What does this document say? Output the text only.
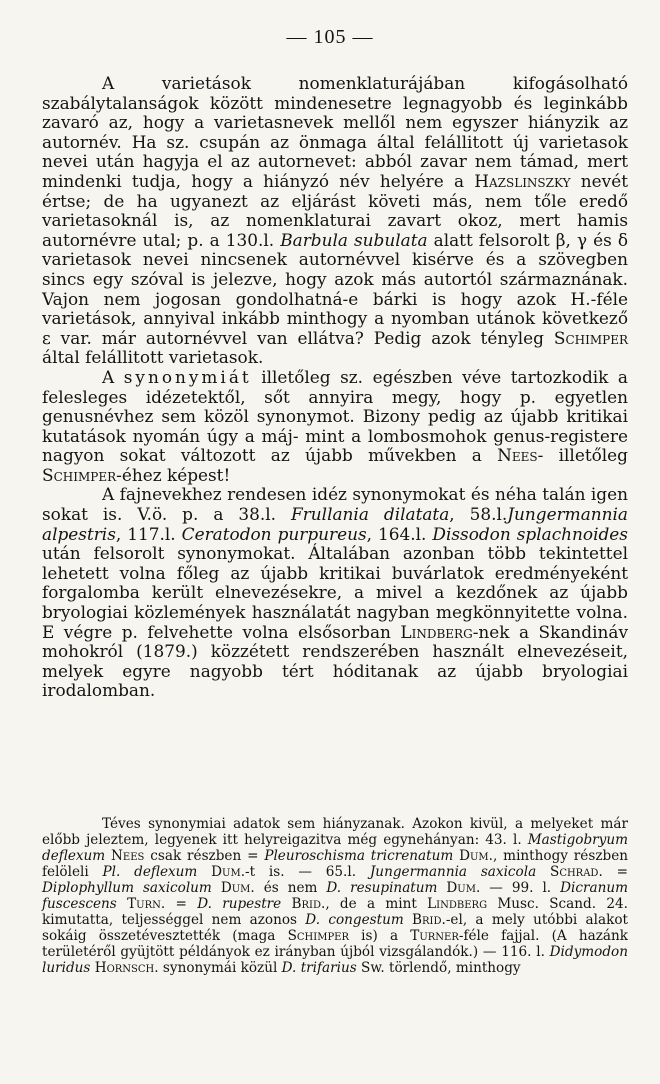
— 105 —

A varietások nomenklaturájában kifogásolható szabálytalanságok között mindenesetre legnagyobb és leginkább zavaró az, hogy a varietasnevek mellől nem egyszer hiányzik az autornév. Ha sz. csupán az önmaga által felállitott új varietasok nevei után hagyja el az autornevet: abból zavar nem támad, mert mindenki tudja, hogy a hiányzó név helyére a Hazslinszky nevét értse; de ha ugyanezt az eljárást követi más, nem tőle eredő varietasoknál is, az nomenklaturai zavart okoz, mert hamis autornévre utal; p. a 130.l. Barbula subulata alatt felsorolt β, γ és δ varietasok nevei nincsenek autornévvel kisérve és a szövegben sincs egy szóval is jelezve, hogy azok más autortól származnának. Vajon nem jogosan gondolhatná-e bárki is hogy azok H.-féle varietások, annyival inkább minthogy a nyomban utánok következő ε var. már autornévvel van ellátva? Pedig azok tényleg Schimper által felállitott varietasok.

A synonymiát illetőleg sz. egészben véve tartozkodik a felesleges idézetektől, sőt annyira megy, hogy p. egyetlen genusnévhez sem közöl synonymot. Bizony pedig az újabb kritikai kutatások nyomán úgy a máj- mint a lombosmohok genus-registere nagyon sokat változott az újabb művekben a Nees- illetőleg Schimper-éhez képest!

A fajnevekhez rendesen idéz synonymokat és néha talán igen sokat is. V.ö. p. a 38.l. Frullania dilatata, 58.l.Jungermannia alpestris, 117.l. Ceratodon purpureus, 164.l. Dissodon splachnoides után felsorolt synonymokat. Általában azonban több tekintettel lehetett volna főleg az újabb kritikai buvárlatok eredményeként forgalomba került elnevezésekre, a mivel a kezdőnek az újabb bryologiai közlemények használatát nagyban megkönnyitette volna. E végre p. felvehette volna elsősorban Lindberg-nek a Skandináv mohokról (1879.) közzétett rendszerében használt elnevezéseit, melyek egyre nagyobb tért hóditanak az újabb bryologiai irodalomban.

Téves synonymiai adatok sem hiányzanak. Azokon kivül, a melyeket már előbb jeleztem, legyenek itt helyreigazitva még egynehányan: 43. l. Mastigobryum deflexum Nees csak részben = Pleuroschisma tricrenatum Dum., minthogy részben felöleli Pl. deflexum Dum.-t is. — 65.l. Jungermannia saxicola Schrad. = Diplophyllum saxicolum Dum. és nem D. resupinatum Dum. — 99. l. Dicranum fuscescens Turn. = D. rupestre Brid., de a mint Lindberg Musc. Scand. 24. kimutatta, teljességgel nem azonos D. congestum Brid.-el, a mely utóbbi alakot sokáig összetévesztették (maga Schimper is) a Turner-féle fajjal. (A hazánk területéről gyüjtött példányok ez irányban újból vizsgálandók.) — 116. l. Didymodon luridus Hornsch. synonymái közül D. trifarius Sw. törlendő, minthogy
